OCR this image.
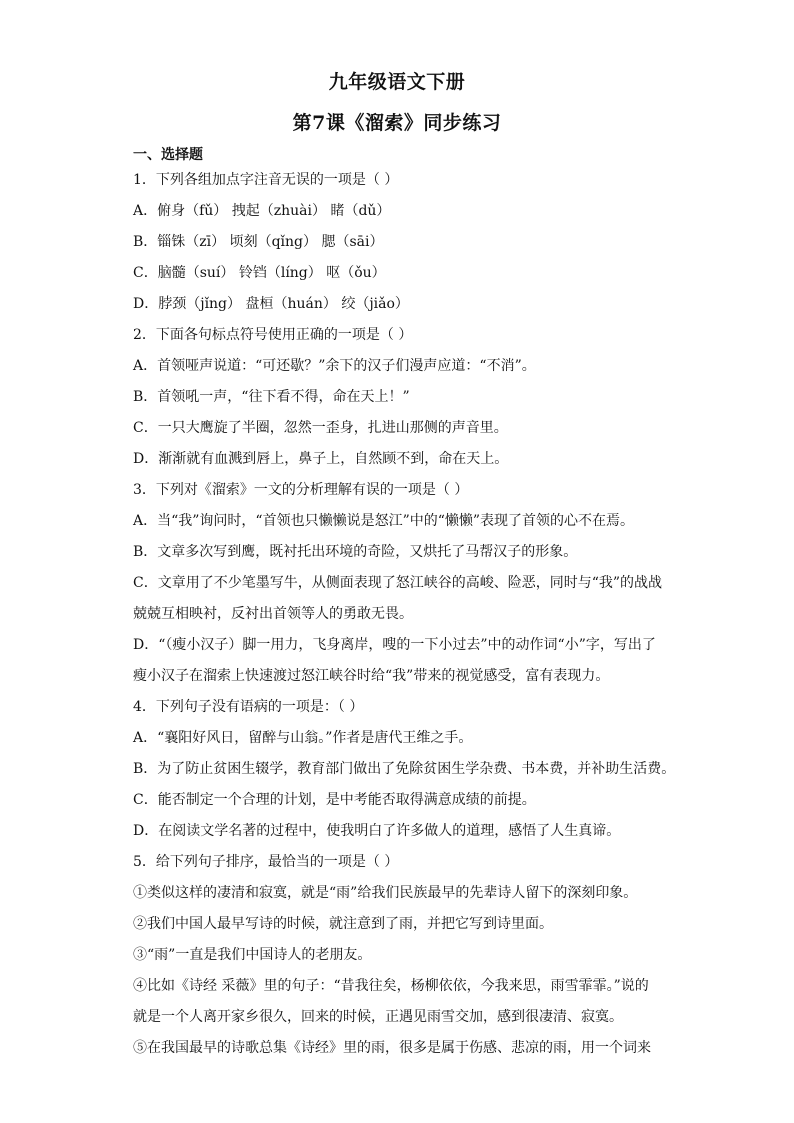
九年级语文下册
第7课《溜索》同步练习
一、选择题
1．下列各组加点字注音无误的一项是（ ）
A．俯身（fǔ） 拽起（zhuài） 睹（dǔ）
B．锱铢（zī） 顷刻（qǐng） 腮（sāi）
C．脑髓（suí） 铃铛（líng） 呕（ǒu）
D．脖颈（jǐng） 盘桓（huán） 绞（jiǎo）
2．下面各句标点符号使用正确的一项是（ ）
A．首领哑声说道：“可还歇？”余下的汉子们漫声应道：“不消”。
B．首领吼一声，“往下看不得，命在天上！”
C．一只大鹰旋了半圈，忽然一歪身，扎进山那侧的声音里。
D．渐渐就有血溅到唇上，鼻子上，自然顾不到，命在天上。
3．下列对《溜索》一文的分析理解有误的一项是（ ）
A．当“我”询问时，“首领也只懒懒说是怒江”中的“懒懒”表现了首领的心不在焉。
B．文章多次写到鹰，既衬托出环境的奇险，又烘托了马帮汉子的形象。
C．文章用了不少笔墨写牛，从侧面表现了怒江峡谷的高峻、险恶，同时与“我”的战战
兢兢互相映衬，反衬出首领等人的勇敢无畏。
D．“（瘦小汉子）脚一用力，飞身离岸，嗖的一下小过去”中的动作词“小”字，写出了
瘦小汉子在溜索上快速渡过怒江峡谷时给“我”带来的视觉感受，富有表现力。
4．下列句子没有语病的一项是：（ ）
A．“襄阳好风日，留醉与山翁。”作者是唐代王维之手。
B．为了防止贫困生辍学，教育部门做出了免除贫困生学杂费、书本费，并补助生活费。
C．能否制定一个合理的计划，是中考能否取得满意成绩的前提。
D．在阅读文学名著的过程中，使我明白了许多做人的道理，感悟了人生真谛。
5．给下列句子排序，最恰当的一项是（ ）
①类似这样的凄清和寂寞，就是“雨”给我们民族最早的先辈诗人留下的深刻印象。
②我们中国人最早写诗的时候，就注意到了雨，并把它写到诗里面。
③“雨”一直是我们中国诗人的老朋友。
④比如《诗经 采薇》里的句子：“昔我往矣，杨柳依依，今我来思，雨雪霏霏。”说的
就是一个人离开家乡很久，回来的时候，正遇见雨雪交加，感到很凄清、寂寞。
⑤在我国最早的诗歌总集《诗经》里的雨，很多是属于伤感、悲凉的雨，用一个词来
